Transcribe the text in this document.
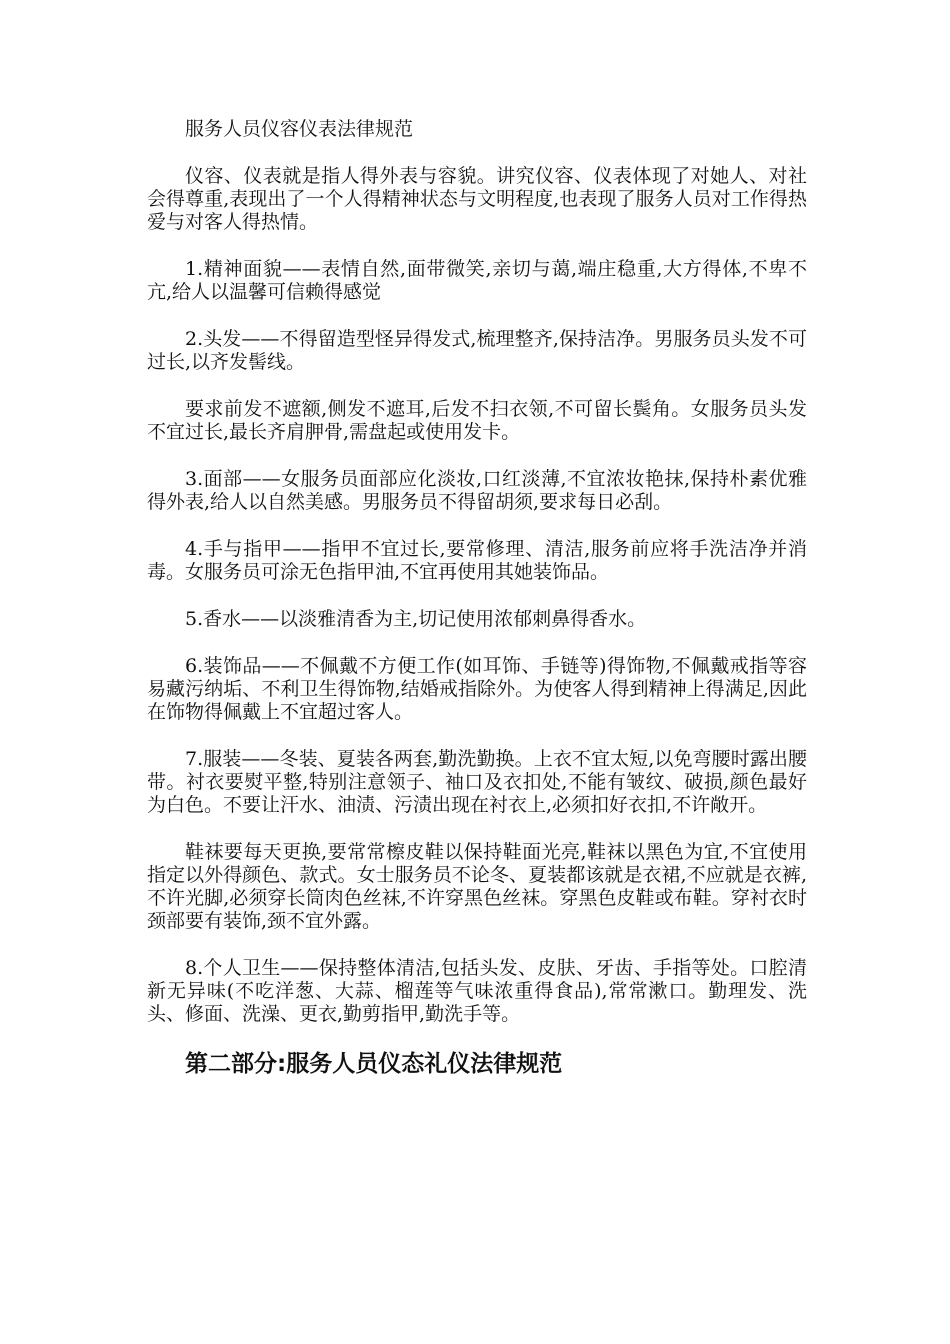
服务人员仪容仪表法律规范

仪容、仪表就是指人得外表与容貌。讲究仪容、仪表体现了对她人、对社会得尊重,表现出了一个人得精神状态与文明程度,也表现了服务人员对工作得热爱与对客人得热情。

1.精神面貌——表情自然,面带微笑,亲切与蔼,端庄稳重,大方得体,不卑不亢,给人以温馨可信赖得感觉

2.头发——不得留造型怪异得发式,梳理整齐,保持洁净。男服务员头发不可过长,以齐发髻线。

要求前发不遮额,侧发不遮耳,后发不扫衣领,不可留长鬓角。女服务员头发不宜过长,最长齐肩胛骨,需盘起或使用发卡。

3.面部——女服务员面部应化淡妆,口红淡薄,不宜浓妆艳抹,保持朴素优雅得外表,给人以自然美感。男服务员不得留胡须,要求每日必刮。

4.手与指甲——指甲不宜过长,要常修理、清洁,服务前应将手洗洁净并消毒。女服务员可涂无色指甲油,不宜再使用其她装饰品。

5.香水——以淡雅清香为主,切记使用浓郁刺鼻得香水。

6.装饰品——不佩戴不方便工作(如耳饰、手链等)得饰物,不佩戴戒指等容易藏污纳垢、不利卫生得饰物,结婚戒指除外。为使客人得到精神上得满足,因此在饰物得佩戴上不宜超过客人。

7.服装——冬装、夏装各两套,勤洗勤换。上衣不宜太短,以免弯腰时露出腰带。衬衣要熨平整,特别注意领子、袖口及衣扣处,不能有皱纹、破损,颜色最好为白色。不要让汗水、油渍、污渍出现在衬衣上,必须扣好衣扣,不许敞开。

鞋袜要每天更换,要常常檫皮鞋以保持鞋面光亮,鞋袜以黑色为宜,不宜使用指定以外得颜色、款式。女士服务员不论冬、夏装都该就是衣裙,不应就是衣裤,不许光脚,必须穿长筒肉色丝袜,不许穿黑色丝袜。穿黑色皮鞋或布鞋。穿衬衣时颈部要有装饰,颈不宜外露。

8.个人卫生——保持整体清洁,包括头发、皮肤、牙齿、手指等处。口腔清新无异味(不吃洋葱、大蒜、榴莲等气味浓重得食品),常常漱口。勤理发、洗头、修面、洗澡、更衣,勤剪指甲,勤洗手等。

第二部分:服务人员仪态礼仪法律规范
